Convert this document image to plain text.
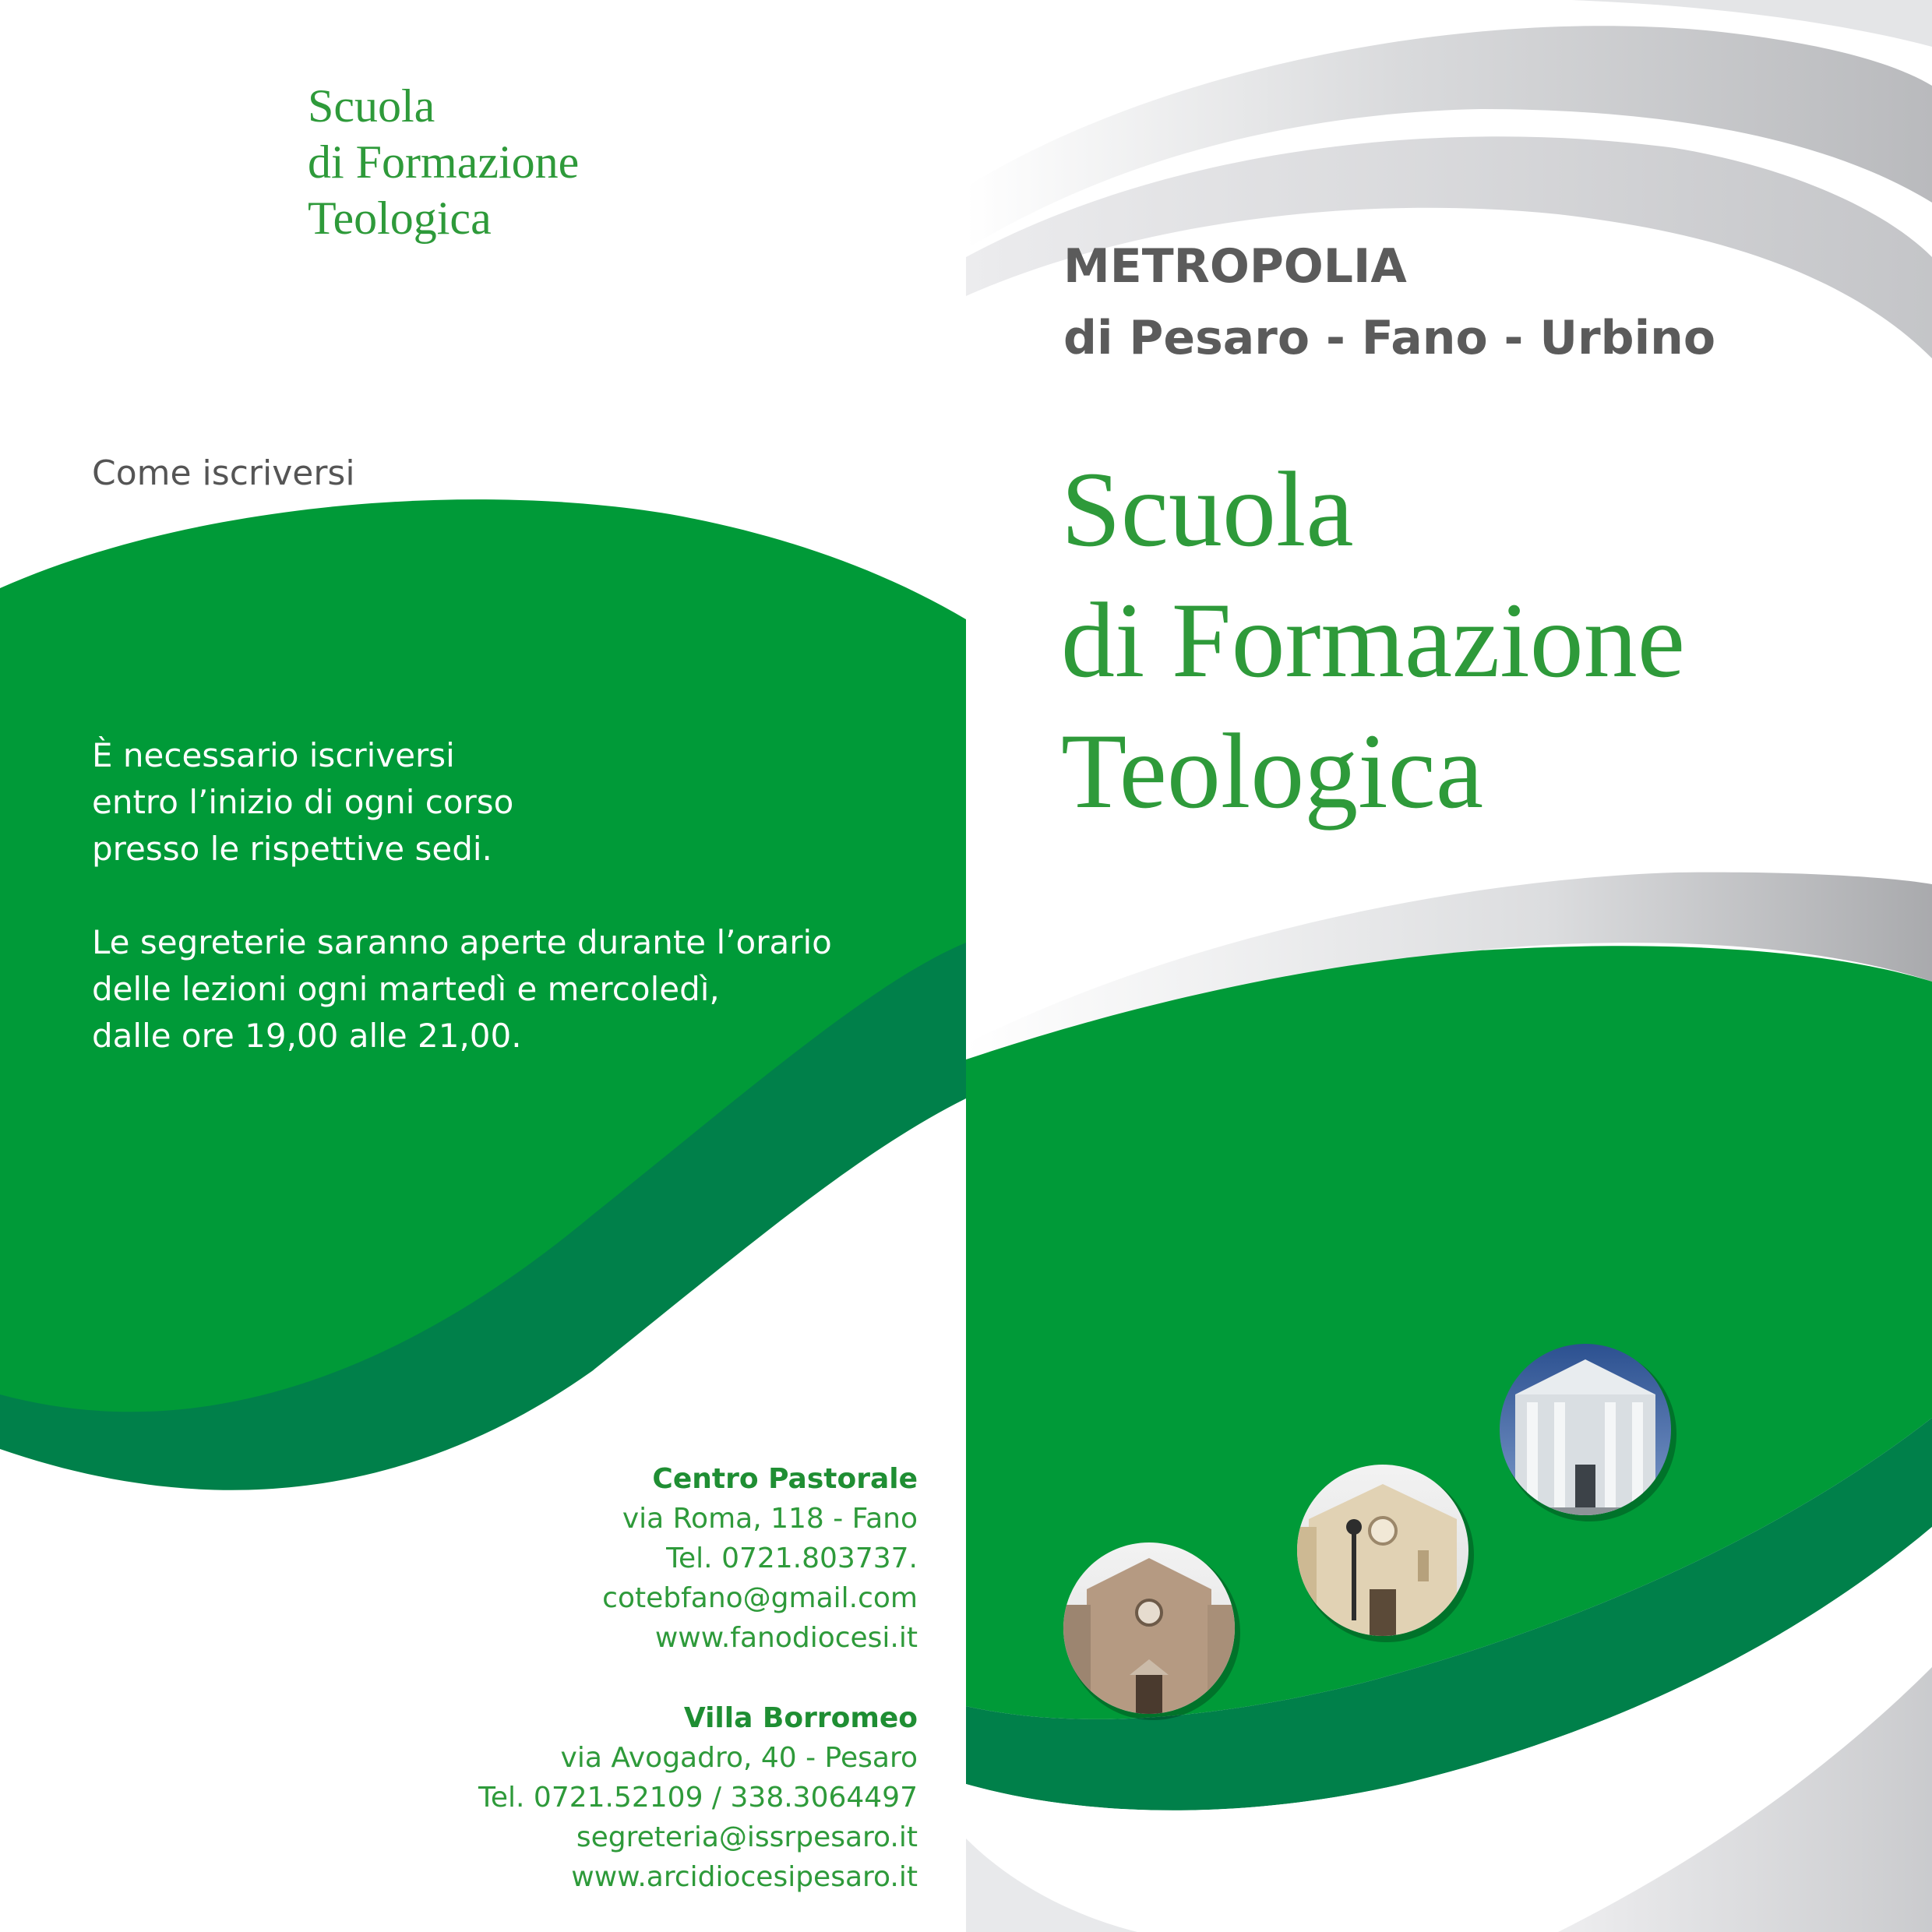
Scuola
di Formazione
Teologica
Come iscriversi
È necessario iscriversi
entro l’inizio di ogni corso
presso le rispettive sedi.
Le segreterie saranno aperte durante l’orario
delle lezioni ogni martedì e mercoledì,
dalle ore 19,00 alle 21,00.
Centro Pastorale
via Roma, 118 - Fano
Tel. 0721.803737.
cotebfano@gmail.com
www.fanodiocesi.it
Villa Borromeo
via Avogadro, 40 - Pesaro
Tel. 0721.52109 / 338.3064497
segreteria@issrpesaro.it
www.arcidiocesipesaro.it
METROPOLIA
di Pesaro - Fano - Urbino
Scuola
di Formazione
Teologica
